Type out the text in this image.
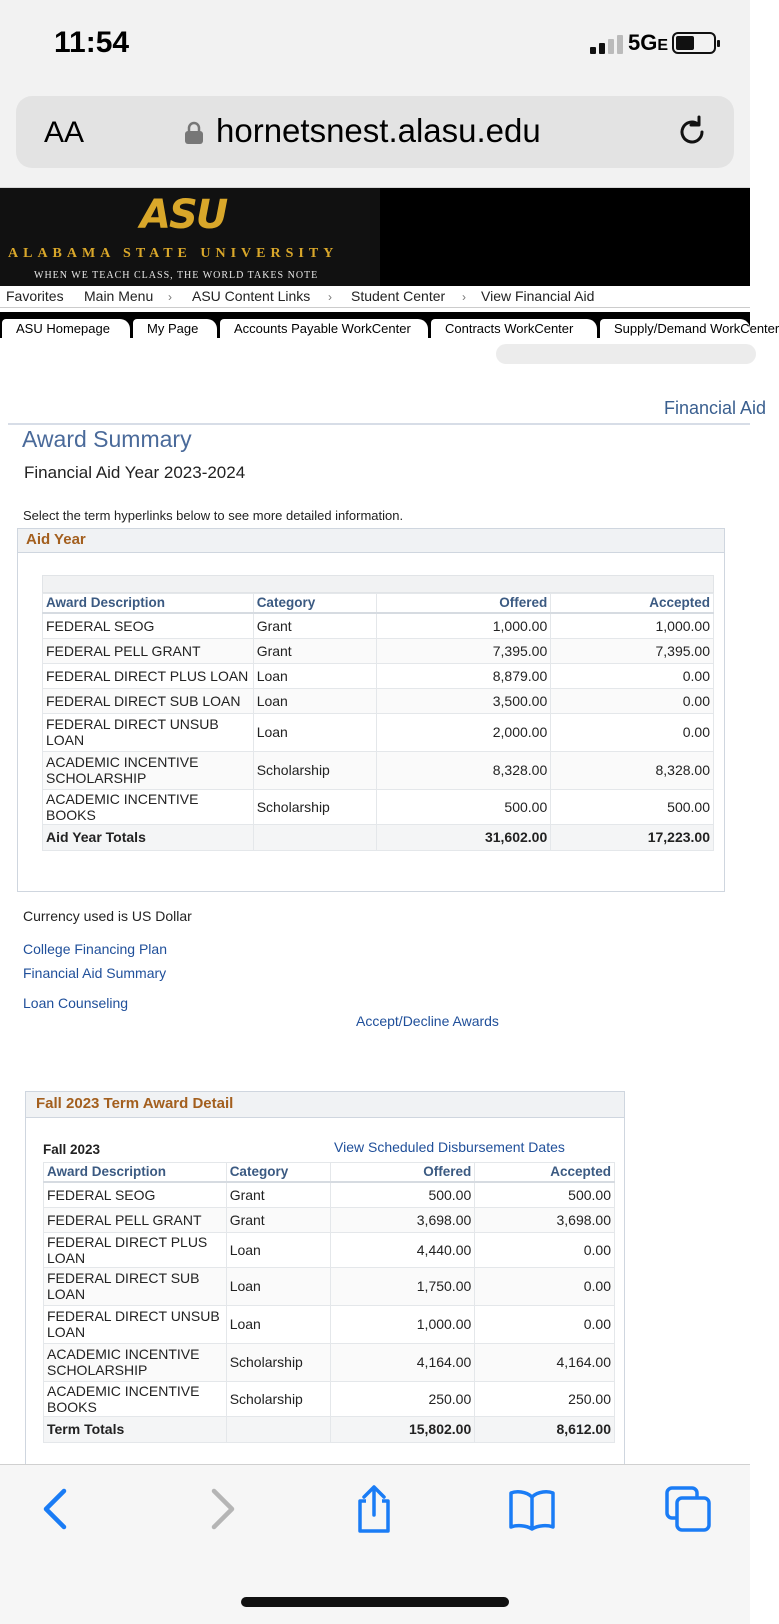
11:54	5GE
AA	hornetsnest.alasu.edu
ASU
ALABAMA STATE UNIVERSITY
WHEN WE TEACH CLASS, THE WORLD TAKES NOTE
Favorites Main Menu › ASU Content Links › Student Center › View Financial Aid
ASU Homepage	My Page	Accounts Payable WorkCenter	Contracts WorkCenter	Supply/Demand WorkCenter
Financial Aid
Award Summary
Financial Aid Year 2023-2024
Select the term hyperlinks below to see more detailed information.
Aid Year
Award Description	Category	Offered	Accepted
FEDERAL SEOG	Grant	1,000.00	1,000.00
FEDERAL PELL GRANT	Grant	7,395.00	7,395.00
FEDERAL DIRECT PLUS LOAN	Loan	8,879.00	0.00
FEDERAL DIRECT SUB LOAN	Loan	3,500.00	0.00
FEDERAL DIRECT UNSUB LOAN	Loan	2,000.00	0.00
ACADEMIC INCENTIVE SCHOLARSHIP	Scholarship	8,328.00	8,328.00
ACADEMIC INCENTIVE BOOKS	Scholarship	500.00	500.00
Aid Year Totals		31,602.00	17,223.00
Currency used is US Dollar
College Financing Plan
Financial Aid Summary
Loan Counseling
Accept/Decline Awards
Fall 2023 Term Award Detail
Fall 2023	View Scheduled Disbursement Dates
Award Description	Category	Offered	Accepted
FEDERAL SEOG	Grant	500.00	500.00
FEDERAL PELL GRANT	Grant	3,698.00	3,698.00
FEDERAL DIRECT PLUS LOAN	Loan	4,440.00	0.00
FEDERAL DIRECT SUB LOAN	Loan	1,750.00	0.00
FEDERAL DIRECT UNSUB LOAN	Loan	1,000.00	0.00
ACADEMIC INCENTIVE SCHOLARSHIP	Scholarship	4,164.00	4,164.00
ACADEMIC INCENTIVE BOOKS	Scholarship	250.00	250.00
Term Totals		15,802.00	8,612.00
